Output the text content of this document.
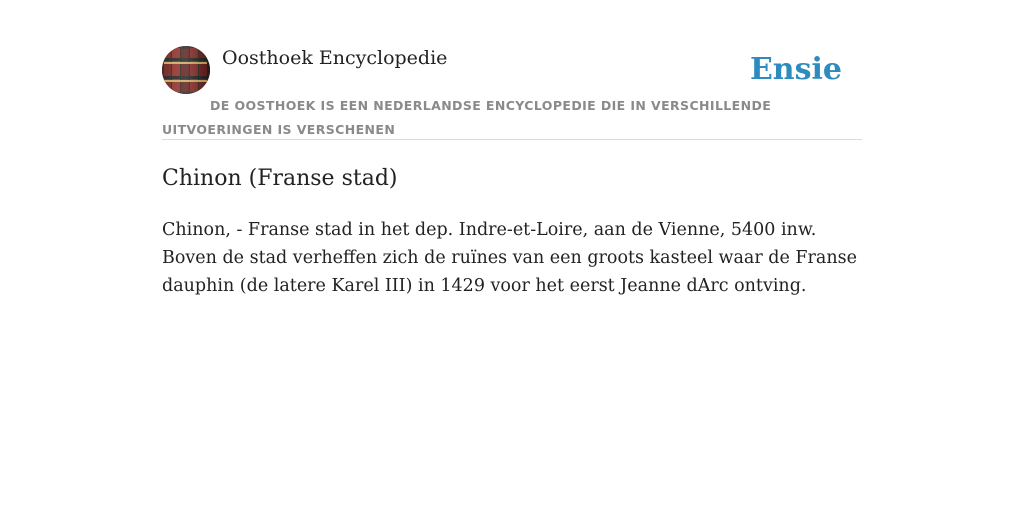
Oosthoek Encyclopedie	Ensie
DE OOSTHOEK IS EEN NEDERLANDSE ENCYCLOPEDIE DIE IN VERSCHILLENDE UITVOERINGEN IS VERSCHENEN
Chinon (Franse stad)

Chinon, - Franse stad in het dep. Indre-et-Loire, aan de Vienne, 5400 inw. Boven de stad verheffen zich de ruïnes van een groots kasteel waar de Franse dauphin (de latere Karel III) in 1429 voor het eerst Jeanne dArc ontving.
